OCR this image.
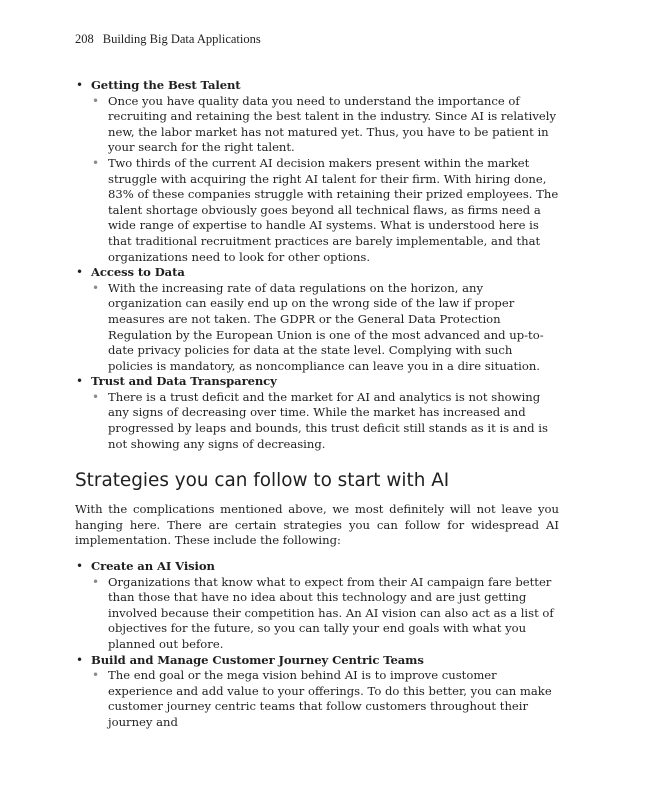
208 Building Big Data Applications
• Getting the Best Talent
• Once you have quality data you need to understand the importance of recruiting and retaining the best talent in the industry. Since AI is relatively new, the labor market has not matured yet. Thus, you have to be patient in your search for the right talent.
• Two thirds of the current AI decision makers present within the market struggle with acquiring the right AI talent for their firm. With hiring done, 83% of these companies struggle with retaining their prized employees. The talent shortage obviously goes beyond all technical flaws, as firms need a wide range of expertise to handle AI systems. What is understood here is that traditional recruitment practices are barely implementable, and that organizations need to look for other options.
• Access to Data
• With the increasing rate of data regulations on the horizon, any organization can easily end up on the wrong side of the law if proper measures are not taken. The GDPR or the General Data Protection Regulation by the European Union is one of the most advanced and up-to-date privacy policies for data at the state level. Complying with such policies is mandatory, as noncompliance can leave you in a dire situation.
• Trust and Data Transparency
• There is a trust deficit and the market for AI and analytics is not showing any signs of decreasing over time. While the market has increased and progressed by leaps and bounds, this trust deficit still stands as it is and is not showing any signs of decreasing.
Strategies you can follow to start with AI

With the complications mentioned above, we most definitely will not leave you hanging here. There are certain strategies you can follow for widespread AI implementation. These include the following:

• Create an AI Vision
• Organizations that know what to expect from their AI campaign fare better than those that have no idea about this technology and are just getting involved because their competition has. An AI vision can also act as a list of objectives for the future, so you can tally your end goals with what you planned out before.
• Build and Manage Customer Journey Centric Teams
• The end goal or the mega vision behind AI is to improve customer experience and add value to your offerings. To do this better, you can make customer journey centric teams that follow customers throughout their journey and
